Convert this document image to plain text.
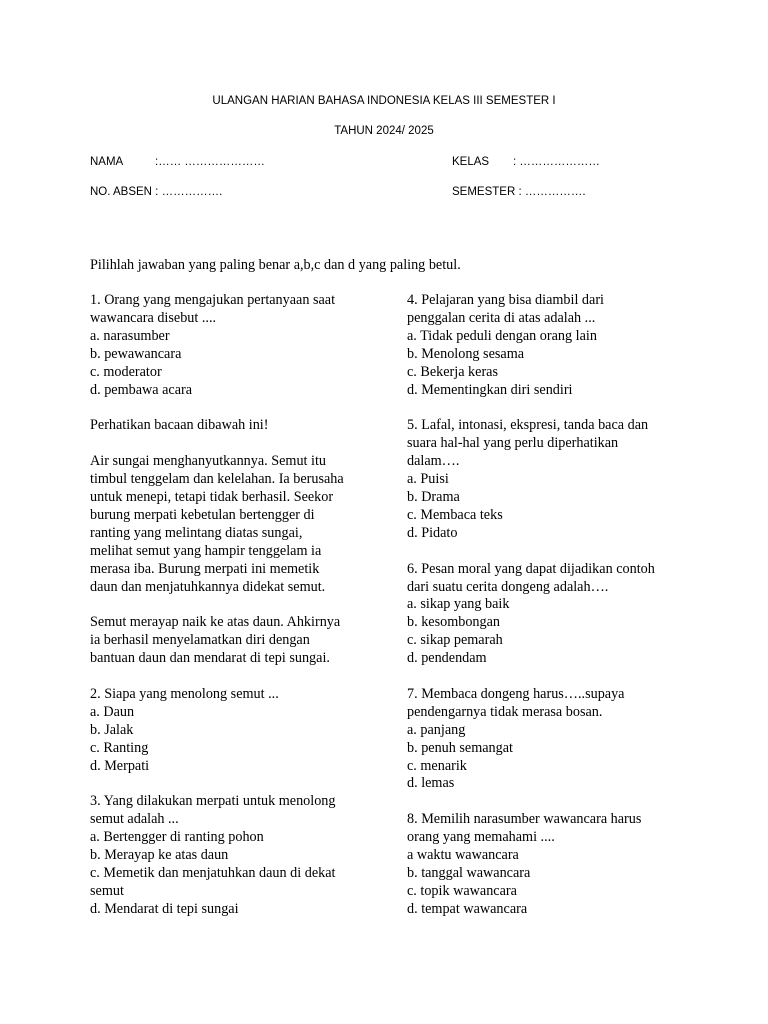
ULANGAN HARIAN BAHASA INDONESIA KELAS III SEMESTER I
TAHUN 2024/ 2025
NAMA	:…… …………………	KELAS : …………………
NO. ABSEN : …………….	SEMESTER : …………….
Pilihlah jawaban yang paling benar a,b,c dan d yang paling betul.
1. Orang yang mengajukan pertanyaan saat
wawancara disebut ....
a. narasumber
b. pewawancara
c. moderator
d. pembawa acara

Perhatikan bacaan dibawah ini!

Air sungai menghanyutkannya. Semut itu
timbul tenggelam dan kelelahan. Ia berusaha
untuk menepi, tetapi tidak berhasil. Seekor
burung merpati kebetulan bertengger di
ranting yang melintang diatas sungai,
melihat semut yang hampir tenggelam ia
merasa iba. Burung merpati ini memetik
daun dan menjatuhkannya didekat semut.

Semut merayap naik ke atas daun. Ahkirnya
ia berhasil menyelamatkan diri dengan
bantuan daun dan mendarat di tepi sungai.

2. Siapa yang menolong semut ...
a. Daun
b. Jalak
c. Ranting
d. Merpati

3. Yang dilakukan merpati untuk menolong
semut adalah ...
a. Bertengger di ranting pohon
b. Merayap ke atas daun
c. Memetik dan menjatuhkan daun di dekat
semut
d. Mendarat di tepi sungai
4. Pelajaran yang bisa diambil dari
penggalan cerita di atas adalah ...
a. Tidak peduli dengan orang lain
b. Menolong sesama
c. Bekerja keras
d. Mementingkan diri sendiri

5. Lafal, intonasi, ekspresi, tanda baca dan
suara hal-hal yang perlu diperhatikan
dalam….
a. Puisi
b. Drama
c. Membaca teks
d. Pidato

6. Pesan moral yang dapat dijadikan contoh
dari suatu cerita dongeng adalah….
a. sikap yang baik
b. kesombongan
c. sikap pemarah
d. pendendam

7. Membaca dongeng harus…..supaya
pendengarnya tidak merasa bosan.
a. panjang
b. penuh semangat
c. menarik
d. lemas

8. Memilih narasumber wawancara harus
orang yang memahami ....
a waktu wawancara
b. tanggal wawancara
c. topik wawancara
d. tempat wawancara
